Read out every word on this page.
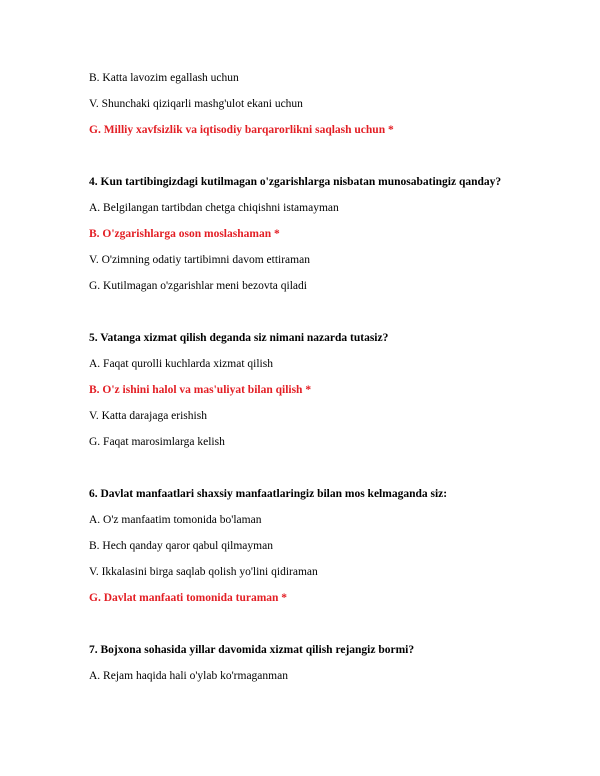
B. Katta lavozim egallash uchun
V. Shunchaki qiziqarli mashg'ulot ekani uchun
G. Milliy xavfsizlik va iqtisodiy barqarorlikni saqlash uchun *
4. Kun tartibingizdagi kutilmagan o'zgarishlarga nisbatan munosabatingiz qanday?
A. Belgilangan tartibdan chetga chiqishni istamayman
B. O'zgarishlarga oson moslashaman *
V. O'zimning odatiy tartibimni davom ettiraman
G. Kutilmagan o'zgarishlar meni bezovta qiladi
5. Vatanga xizmat qilish deganda siz nimani nazarda tutasiz?
A. Faqat qurolli kuchlarda xizmat qilish
B. O'z ishini halol va mas'uliyat bilan qilish *
V. Katta darajaga erishish
G. Faqat marosimlarga kelish
6. Davlat manfaatlari shaxsiy manfaatlaringiz bilan mos kelmaganda siz:
A. O'z manfaatim tomonida bo'laman
B. Hech qanday qaror qabul qilmayman
V. Ikkalasini birga saqlab qolish yo'lini qidiraman
G. Davlat manfaati tomonida turaman *
7. Bojxona sohasida yillar davomida xizmat qilish rejangiz bormi?
A. Rejam haqida hali o'ylab ko'rmaganman
